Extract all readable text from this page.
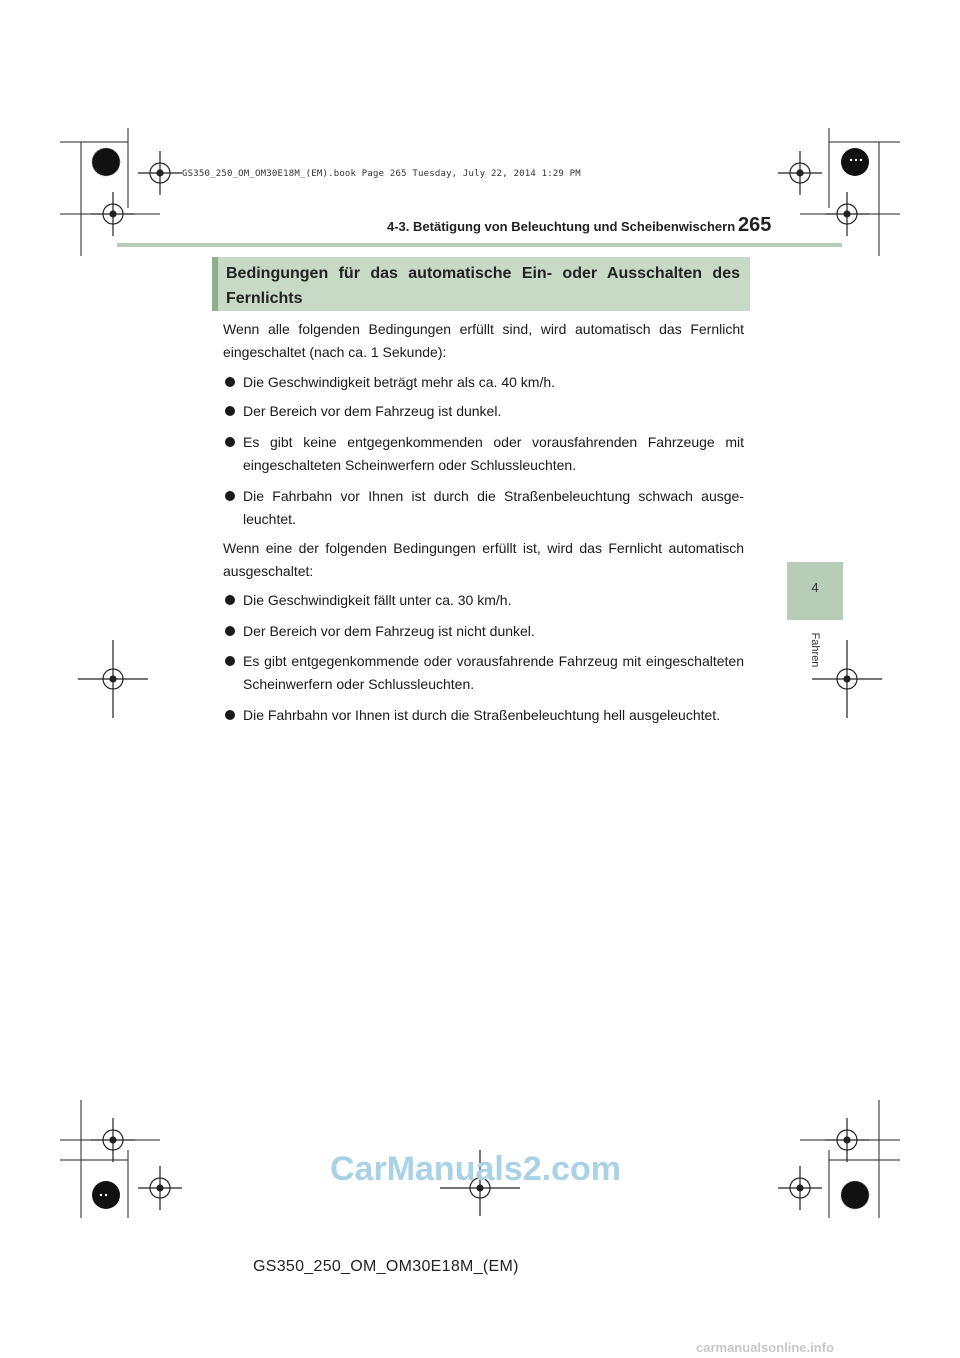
GS350_250_OM_OM30E18M_(EM).book Page 265 Tuesday, July 22, 2014 1:29 PM
4-3. Betätigung von Beleuchtung und Scheibenwischern 265
Bedingungen für das automatische Ein- oder Ausschalten des Fernlichts
Wenn alle folgenden Bedingungen erfüllt sind, wird automatisch das Fernlicht eingeschaltet (nach ca. 1 Sekunde):
Die Geschwindigkeit beträgt mehr als ca. 40 km/h.
Der Bereich vor dem Fahrzeug ist dunkel.
Es gibt keine entgegenkommenden oder vorausfahrenden Fahrzeuge mit eingeschalteten Scheinwerfern oder Schlussleuchten.
Die Fahrbahn vor Ihnen ist durch die Straßenbeleuchtung schwach ausgeleuchtet.
Wenn eine der folgenden Bedingungen erfüllt ist, wird das Fernlicht automatisch ausgeschaltet:
Die Geschwindigkeit fällt unter ca. 30 km/h.
Der Bereich vor dem Fahrzeug ist nicht dunkel.
Es gibt entgegenkommende oder vorausfahrende Fahrzeug mit eingeschalteten Scheinwerfern oder Schlussleuchten.
Die Fahrbahn vor Ihnen ist durch die Straßenbeleuchtung hell ausgeleuchtet.
4
Fahren
CarManuals2.com
GS350_250_OM_OM30E18M_(EM)
carmanualsonline.info
